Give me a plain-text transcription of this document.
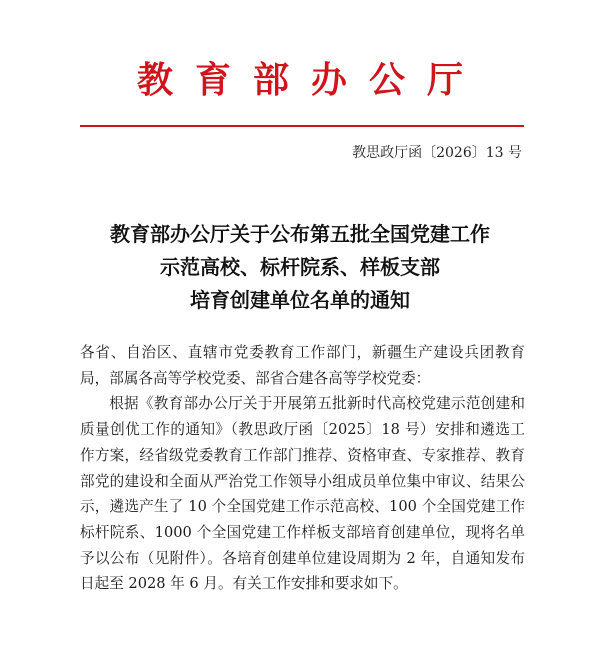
教育部办公厅
教思政厅函〔2026〕13 号
教育部办公厅关于公布第五批全国党建工作
示范高校、标杆院系、样板支部
培育创建单位名单的通知

各省、自治区、直辖市党委教育工作部门，新疆生产建设兵团教育局，部属各高等学校党委、部省合建各高等学校党委：

根据《教育部办公厅关于开展第五批新时代高校党建示范创建和质量创优工作的通知》（教思政厅函〔2025〕18 号）安排和遴选工作方案，经省级党委教育工作部门推荐、资格审查、专家推荐、教育部党的建设和全面从严治党工作领导小组成员单位集中审议、结果公示，遴选产生了 10 个全国党建工作示范高校、100 个全国党建工作标杆院系、1000 个全国党建工作样板支部培育创建单位，现将名单予以公布（见附件）。各培育创建单位建设周期为 2 年，自通知发布日起至 2028 年 6 月。有关工作安排和要求如下。
